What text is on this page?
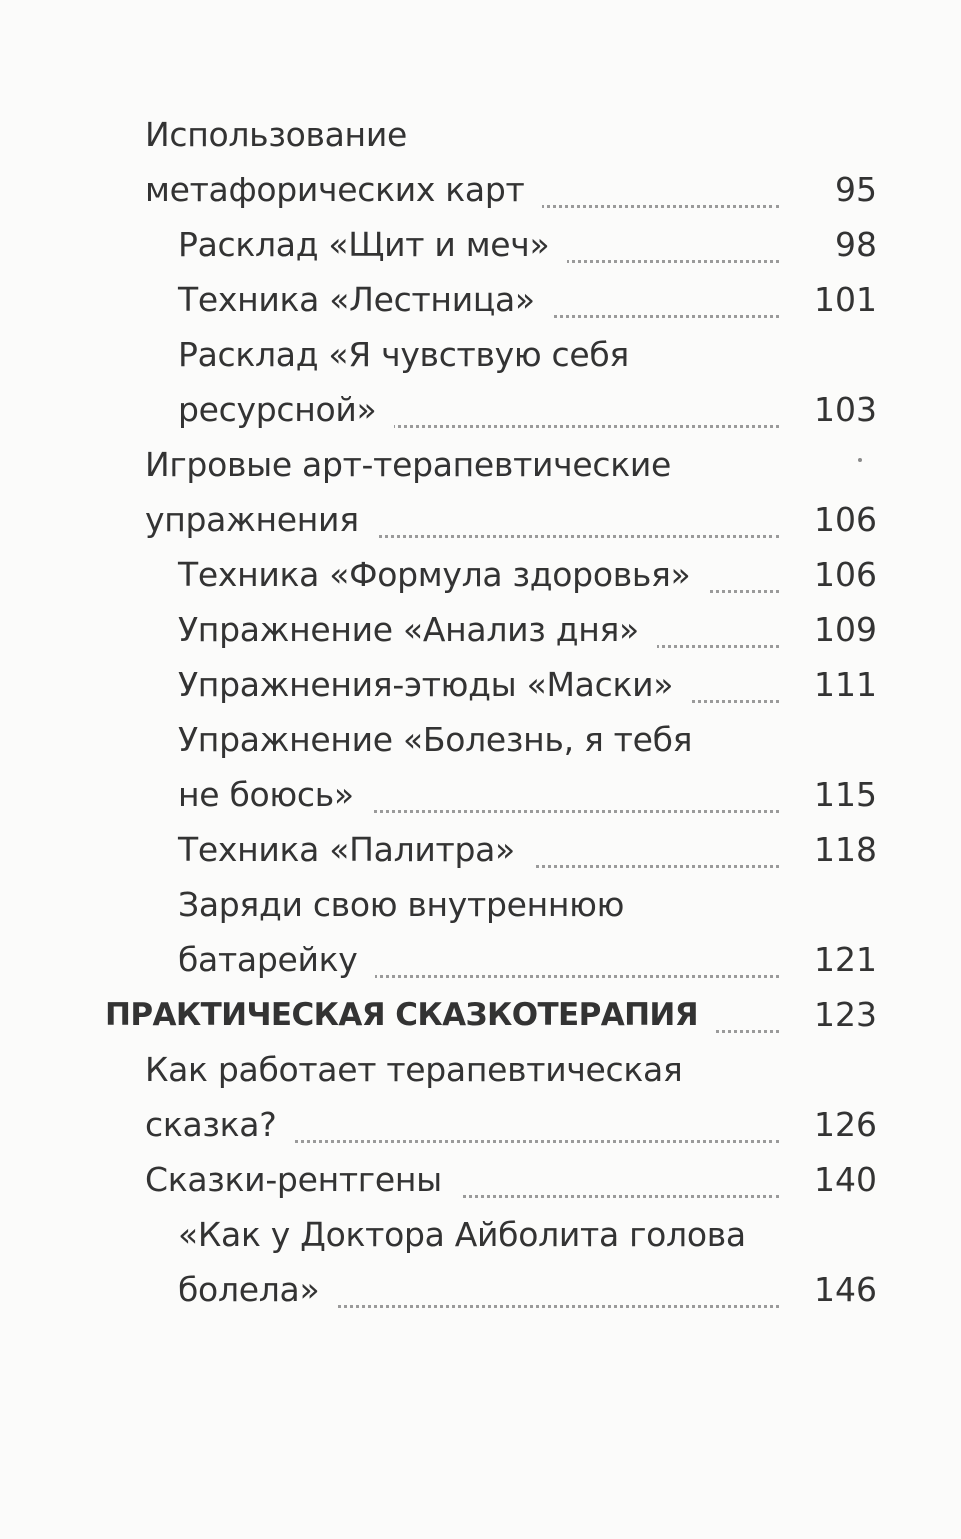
Использование
метафорических карт	95
Расклад «Щит и меч»	98
Техника «Лестница»	101
Расклад «Я чувствую себя
ресурсной»	103
Игровые арт-терапевтические
упражнения	106
Техника «Формула здоровья»	106
Упражнение «Анализ дня»	109
Упражнения-этюды «Маски»	111
Упражнение «Болезнь, я тебя
не боюсь»	115
Техника «Палитра»	118
Заряди свою внутреннюю
батарейку	121
ПРАКТИЧЕСКАЯ СКАЗКОТЕРАПИЯ	123
Как работает терапевтическая
сказка?	126
Сказки-рентгены	140
«Как у Доктора Айболита голова
болела»	146
